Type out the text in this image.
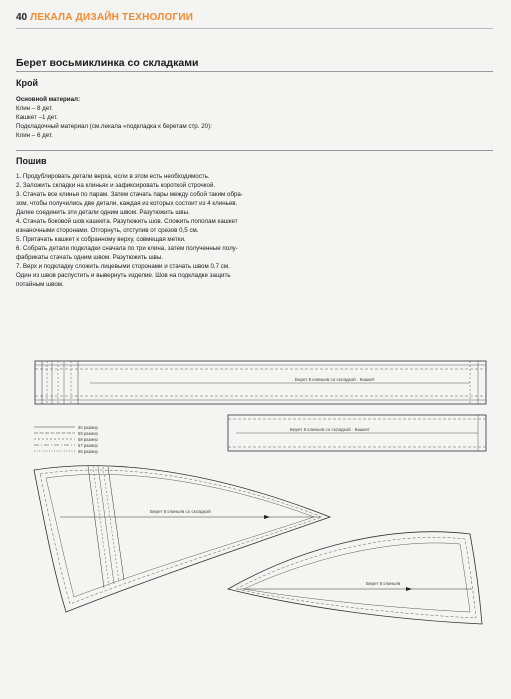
40 ЛЕКАЛА ДИЗАЙН ТЕХНОЛОГИИ
Берет восьмиклинка со складками
Крой
Основной материал:
Клин – 8 дет.
Кашкет –1 дет.
Подкладочный материал (см.лекала «подкладка к беретам стр. 20):
Клин – 6 дет.
Пошив
1. Продублировать детали верха, если в этом есть необходимость.
2. Заложить складки на клиньях и зафиксировать короткой строчкой.
3. Стачать все клинья по парам. Затем стачать пары между собой таким обра-
зом, чтобы получились две детали, каждая из которых состоит из 4 клиньев.
Далее соединить эти детали одним швом. Разутюжить швы.
4. Стачать боковой шов кашкета. Разутюжить шов. Сложить пополам кашкет
изнаночными сторонами. Отгорнуть, отступив от срезов 0,5 см.
5. Притачать кашкет к собранному верху, совмещая метки.
6. Собрать детали подкладки сначала по три клина, затем полученные полу-
фабрикаты стачать одним швом. Разутюжить швы.
7. Верх и подкладку сложить лицевыми сторонами и стачать швом 0.7 см.
Один из швов распустить и вывернуть изделие. Шов на подкладке защить
потайным швом.
Берет 8 клиньев со складкой · Кашкет
60 размер
59 размер
58 размер
57 размер
56 размер
Берет 8 клиньев со складкой · Кашкет
Берет 8 клиньев со складкой
Берет 8 клиньев
